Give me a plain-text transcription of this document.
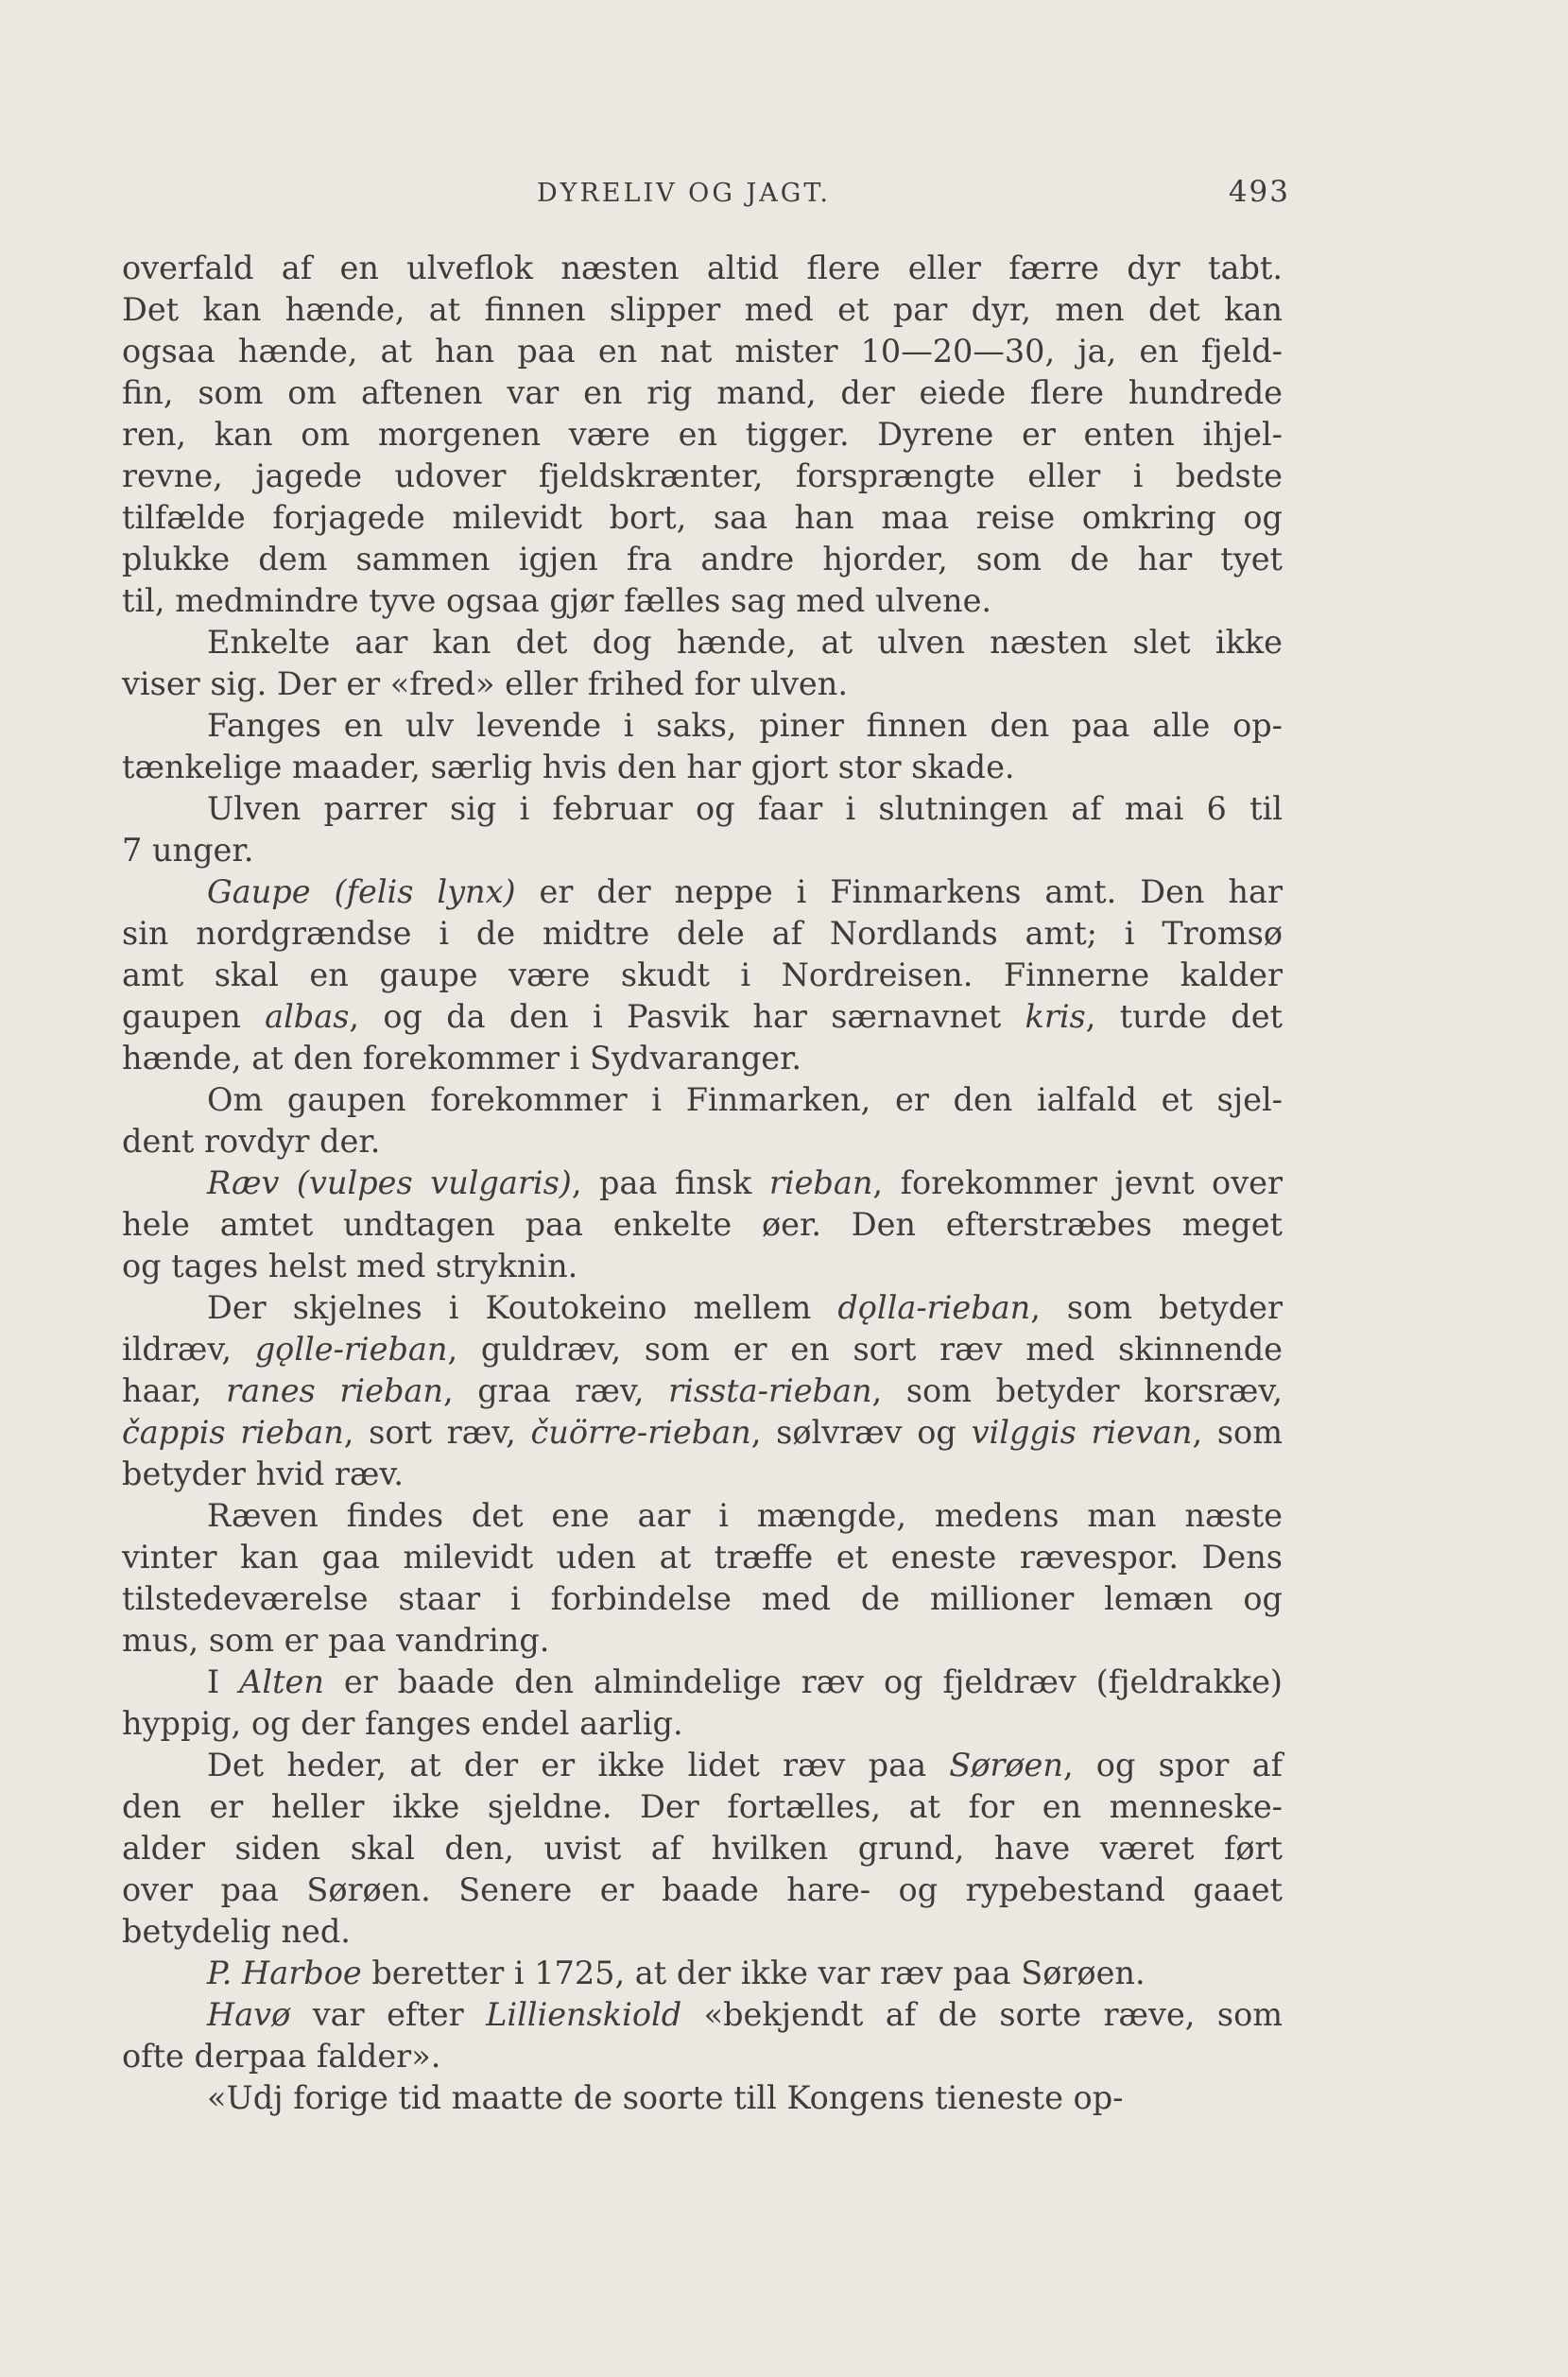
DYRELIV OG JAGT.	493
overfald af en ulveflok næsten altid flere eller færre dyr tabt.
Det kan hænde, at finnen slipper med et par dyr, men det kan
ogsaa hænde, at han paa en nat mister 10—20—30, ja, en fjeld-
fin, som om aftenen var en rig mand, der eiede flere hundrede
ren, kan om morgenen være en tigger. Dyrene er enten ihjel-
revne, jagede udover fjeldskrænter, forsprængte eller i bedste
tilfælde forjagede milevidt bort, saa han maa reise omkring og
plukke dem sammen igjen fra andre hjorder, som de har tyet
til, medmindre tyve ogsaa gjør fælles sag med ulvene.
Enkelte aar kan det dog hænde, at ulven næsten slet ikke
viser sig. Der er «fred» eller frihed for ulven.
Fanges en ulv levende i saks, piner finnen den paa alle op-
tænkelige maader, særlig hvis den har gjort stor skade.
Ulven parrer sig i februar og faar i slutningen af mai 6 til
7 unger.
Gaupe (felis lynx) er der neppe i Finmarkens amt. Den har
sin nordgrændse i de midtre dele af Nordlands amt; i Tromsø
amt skal en gaupe være skudt i Nordreisen. Finnerne kalder
gaupen albas, og da den i Pasvik har særnavnet kris, turde det
hænde, at den forekommer i Sydvaranger.
Om gaupen forekommer i Finmarken, er den ialfald et sjel-
dent rovdyr der.
Ræv (vulpes vulgaris), paa finsk rieban, forekommer jevnt over
hele amtet undtagen paa enkelte øer. Den efterstræbes meget
og tages helst med stryknin.
Der skjelnes i Koutokeino mellem dǫlla-rieban, som betyder
ildræv, gǫlle-rieban, guldræv, som er en sort ræv med skinnende
haar, ranes rieban, graa ræv, rissta-rieban, som betyder korsræv,
čappis rieban, sort ræv, čuörre-rieban, sølvræv og vilggis rievan, som
betyder hvid ræv.
Ræven findes det ene aar i mængde, medens man næste
vinter kan gaa milevidt uden at træffe et eneste rævespor. Dens
tilstedeværelse staar i forbindelse med de millioner lemæn og
mus, som er paa vandring.
I Alten er baade den almindelige ræv og fjeldræv (fjeldrakke)
hyppig, og der fanges endel aarlig.
Det heder, at der er ikke lidet ræv paa Sørøen, og spor af
den er heller ikke sjeldne. Der fortælles, at for en menneske-
alder siden skal den, uvist af hvilken grund, have været ført
over paa Sørøen. Senere er baade hare- og rypebestand gaaet
betydelig ned.
P. Harboe beretter i 1725, at der ikke var ræv paa Sørøen.
Havø var efter Lillienskiold «bekjendt af de sorte ræve, som
ofte derpaa falder».
«Udj forige tid maatte de soorte till Kongens tieneste op-
